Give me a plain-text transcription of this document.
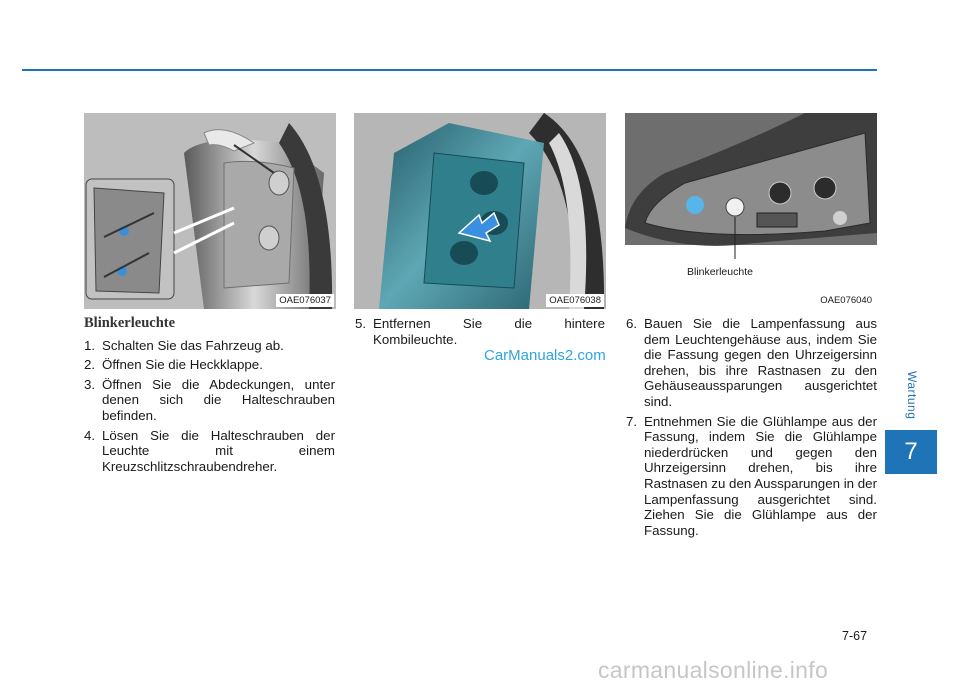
OAE076037	OAE076038
Blinkerleuchte
OAE076040
Blinkerleuchte
1. Schalten Sie das Fahrzeug ab.
2. Öffnen Sie die Heckklappe.
3. Öffnen Sie die Abdeckungen, unter denen sich die Halteschrauben befinden.
4. Lösen Sie die Halteschrauben der Leuchte mit einem Kreuzschlitzschraubendreher.
5. Entfernen Sie die hintere Kombileuchte.
CarManuals2.com
6. Bauen Sie die Lampenfassung aus dem Leuchtengehäuse aus, indem Sie die Fassung gegen den Uhrzeigersinn drehen, bis ihre Rastnasen zu den Gehäuseaussparungen ausgerichtet sind.
7. Entnehmen Sie die Glühlampe aus der Fassung, indem Sie die Glühlampe niederdrücken und gegen den Uhrzeigersinn drehen, bis ihre Rastnasen zu den Aussparungen in der Lampenfassung ausgerichtet sind. Ziehen Sie die Glühlampe aus der Fassung.
Wartung
7
7-67
carmanualsonline.info
